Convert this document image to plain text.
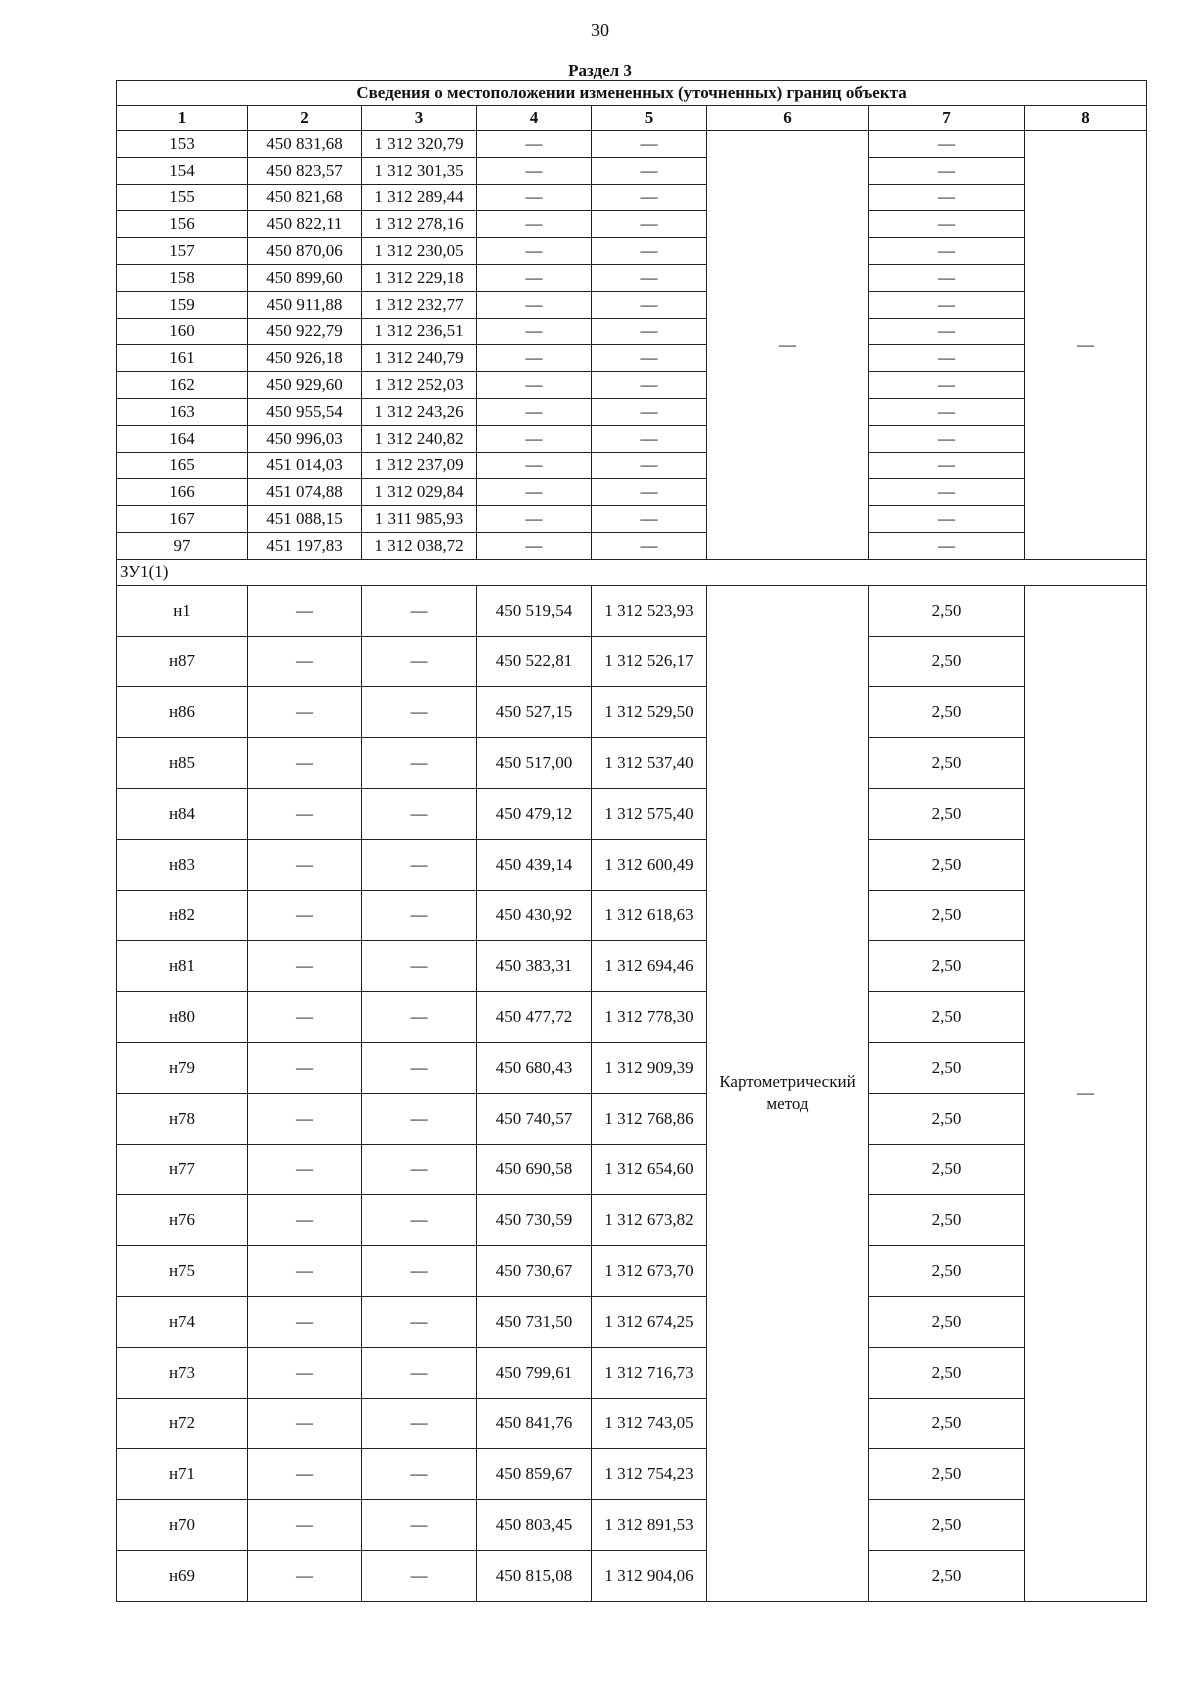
30
Раздел 3
Сведения о местоположении измененных (уточненных) границ объекта							
1	2	3	4	5	6	7	8
153	450 831,68	1 312 320,79	—	—	—	—	—
154	450 823,57	1 312 301,35	—	—		—	
155	450 821,68	1 312 289,44	—	—		—	
156	450 822,11	1 312 278,16	—	—		—	
157	450 870,06	1 312 230,05	—	—		—	
158	450 899,60	1 312 229,18	—	—		—	
159	450 911,88	1 312 232,77	—	—		—	
160	450 922,79	1 312 236,51	—	—		—	
161	450 926,18	1 312 240,79	—	—		—	
162	450 929,60	1 312 252,03	—	—		—	
163	450 955,54	1 312 243,26	—	—		—	
164	450 996,03	1 312 240,82	—	—		—	
165	451 014,03	1 312 237,09	—	—		—	
166	451 074,88	1 312 029,84	—	—		—	
167	451 088,15	1 311 985,93	—	—		—	
97	451 197,83	1 312 038,72	—	—		—	
ЗУ1(1)							
н1	—	—	450 519,54	1 312 523,93	Картометрический метод	2,50	—
н87	—	—	450 522,81	1 312 526,17		2,50	
н86	—	—	450 527,15	1 312 529,50		2,50	
н85	—	—	450 517,00	1 312 537,40		2,50	
н84	—	—	450 479,12	1 312 575,40		2,50	
н83	—	—	450 439,14	1 312 600,49		2,50	
н82	—	—	450 430,92	1 312 618,63		2,50	
н81	—	—	450 383,31	1 312 694,46		2,50	
н80	—	—	450 477,72	1 312 778,30		2,50	
н79	—	—	450 680,43	1 312 909,39		2,50	
н78	—	—	450 740,57	1 312 768,86		2,50	
н77	—	—	450 690,58	1 312 654,60		2,50	
н76	—	—	450 730,59	1 312 673,82		2,50	
н75	—	—	450 730,67	1 312 673,70		2,50	
н74	—	—	450 731,50	1 312 674,25		2,50	
н73	—	—	450 799,61	1 312 716,73		2,50	
н72	—	—	450 841,76	1 312 743,05		2,50	
н71	—	—	450 859,67	1 312 754,23		2,50	
н70	—	—	450 803,45	1 312 891,53		2,50	
н69	—	—	450 815,08	1 312 904,06		2,50	
